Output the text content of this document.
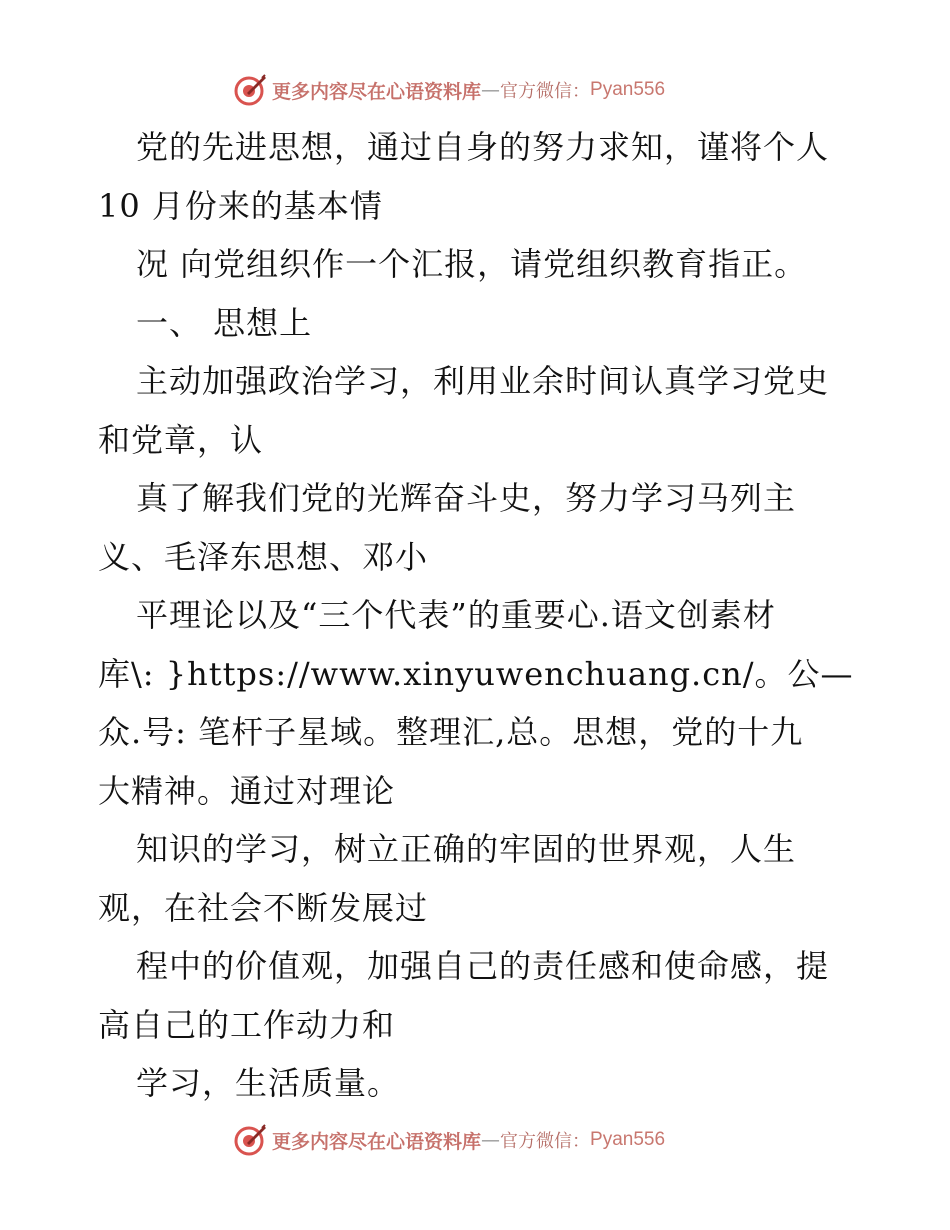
更多内容尽在心语资料库 — 官方微信： Pyan556
党的先进思想，通过自身的努力求知，谨将个人
10 月份来的基本情
况 向党组织作一个汇报，请党组织教育指正。
一、 思想上
主动加强政治学习，利用业余时间认真学习党史
和党章，认
真了解我们党的光辉奋斗史，努力学习马列主
义、毛泽东思想、邓小
平理论以及“三个代表”的重要心.语文创素材
库\: }https://www.xinyuwenchuang.cn/。公—
众.号: 笔杆子星域。整理汇,总。思想，党的十九
大精神。通过对理论
知识的学习，树立正确的牢固的世界观，人生
观，在社会不断发展过
程中的价值观，加强自己的责任感和使命感，提
高自己的工作动力和
学习，生活质量。
更多内容尽在心语资料库 — 官方微信： Pyan556
